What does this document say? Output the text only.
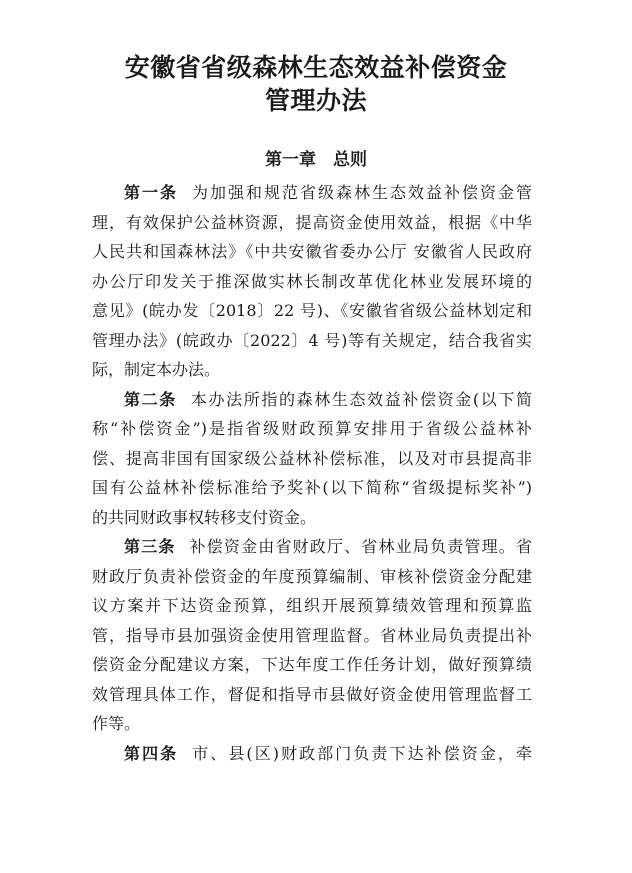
安徽省省级森林生态效益补偿资金
管理办法
第一章　总则
第一条 为加强和规范省级森林生态效益补偿资金管
理，有效保护公益林资源，提高资金使用效益，根据《中华
人民共和国森林法》《中共安徽省委办公厅 安徽省人民政府
办公厅印发关于推深做实林长制改革优化林业发展环境的
意见》(皖办发〔2018〕22 号)、《安徽省省级公益林划定和
管理办法》(皖政办〔2022〕4 号)等有关规定，结合我省实
际，制定本办法。
第二条 本办法所指的森林生态效益补偿资金(以下简
称“补偿资金”)是指省级财政预算安排用于省级公益林补
偿、提高非国有国家级公益林补偿标准，以及对市县提高非
国有公益林补偿标准给予奖补(以下简称“省级提标奖补”)
的共同财政事权转移支付资金。
第三条 补偿资金由省财政厅、省林业局负责管理。省
财政厅负责补偿资金的年度预算编制、审核补偿资金分配建
议方案并下达资金预算，组织开展预算绩效管理和预算监
管，指导市县加强资金使用管理监督。省林业局负责提出补
偿资金分配建议方案，下达年度工作任务计划，做好预算绩
效管理具体工作，督促和指导市县做好资金使用管理监督工
作等。
第四条 市、县(区)财政部门负责下达补偿资金，牵
